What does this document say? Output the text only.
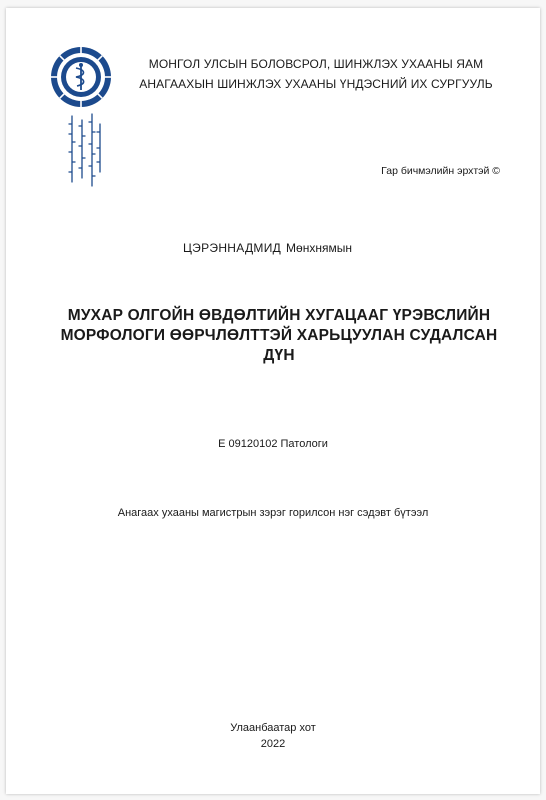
МОНГОЛ УЛСЫН БОЛОВСРОЛ, ШИНЖЛЭХ УХААНЫ ЯАМ
АНАГААХЫН ШИНЖЛЭХ УХААНЫ ҮНДЭСНИЙ ИХ СУРГУУЛЬ
Гар бичмэлийн эрхтэй ©
ЦЭРЭННАДМИД Мөнхнямын
МУХАР ОЛГОЙН ӨВДӨЛТИЙН ХУГАЦААГ ҮРЭВСЛИЙН
МОРФОЛОГИ ӨӨРЧЛӨЛТТЭЙ ХАРЬЦУУЛАН СУДАЛСАН
ДҮН
Е 09120102 Патологи
Анагаах ухааны магистрын зэрэг горилсон нэг сэдэвт бүтээл
Улаанбаатар хот
2022
